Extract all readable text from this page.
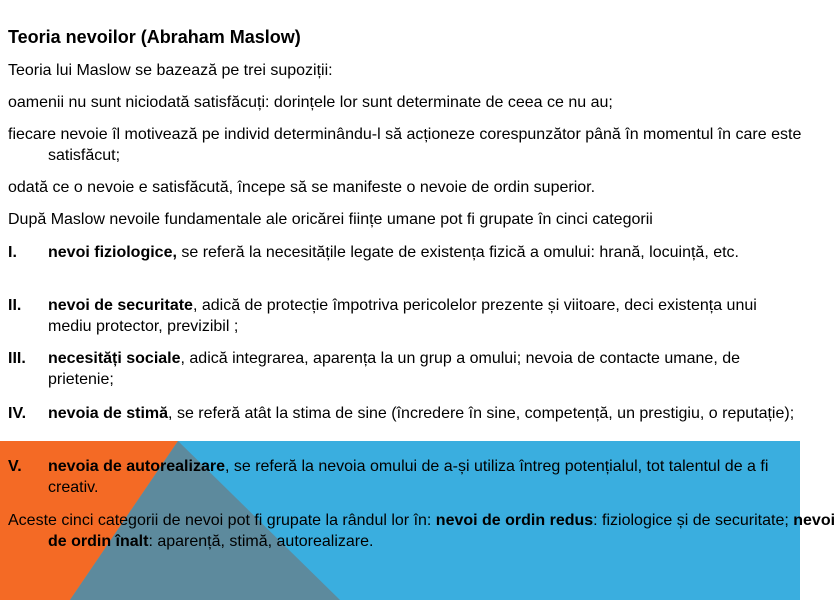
Teoria nevoilor (Abraham Maslow)
Teoria lui Maslow se bazează pe trei supoziții:
oamenii nu sunt niciodată satisfăcuți: dorințele lor sunt determinate de ceea ce nu au;
fiecare nevoie îl motivează pe individ determinându-l să acționeze corespunzător până în momentul în care este satisfăcut;
odată ce o nevoie e satisfăcută, începe să se manifeste o nevoie de ordin superior.
După Maslow nevoile fundamentale ale oricărei ființe umane pot fi grupate în cinci categorii
I.	nevoi fiziologice, se referă la necesitățile legate de existența fizică a omului: hrană, locuință, etc.
II.	nevoi de securitate, adică de protecție împotriva pericolelor prezente și viitoare, deci existența unui mediu protector, previzibil ;
III.	necesități sociale, adică integrarea, aparența la un grup a omului; nevoia de contacte umane, de prietenie;
IV.	nevoia de stimă, se referă atât la stima de sine (încredere în sine, competență, un prestigiu, o reputație);
V.	nevoia de autorealizare, se referă la nevoia omului de a-și utiliza întreg potențialul, tot talentul de a fi creativ.
Aceste cinci categorii de nevoi pot fi grupate la rândul lor în: nevoi de ordin redus: fiziologice și de securitate; nevoi de ordin înalt: aparență, stimă, autorealizare.
